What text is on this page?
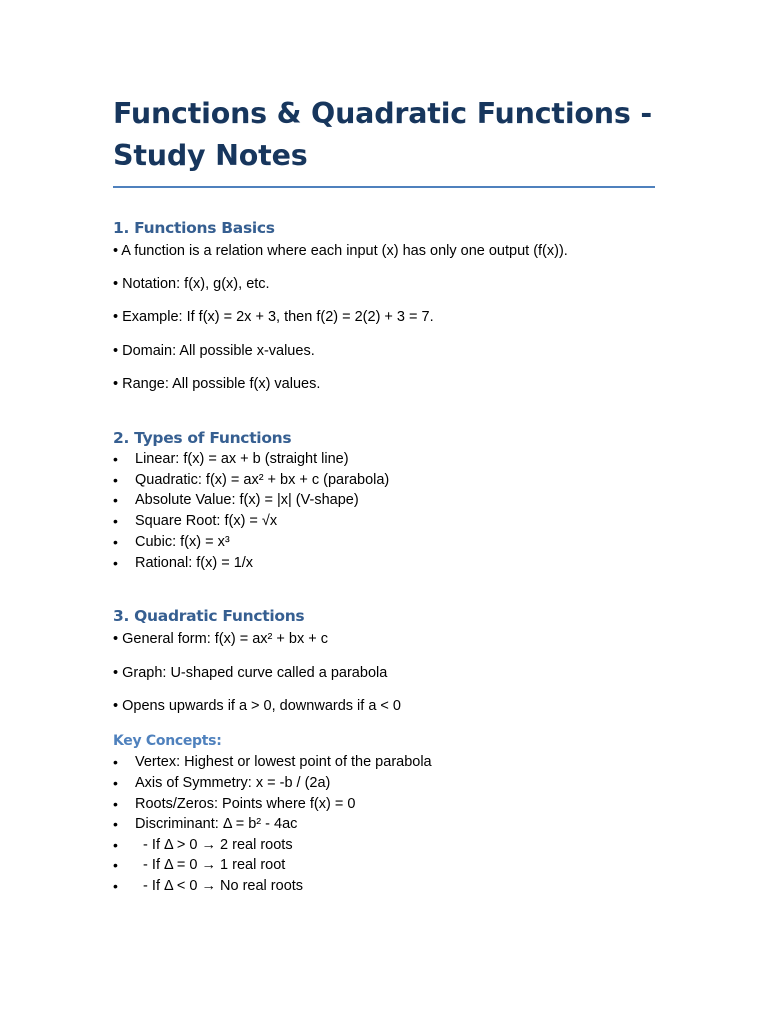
Functions & Quadratic Functions -
Study Notes
1. Functions Basics

• A function is a relation where each input (x) has only one output (f(x)).

• Notation: f(x), g(x), etc.

• Example: If f(x) = 2x + 3, then f(2) = 2(2) + 3 = 7.

• Domain: All possible x-values.

• Range: All possible f(x) values.

2. Types of Functions
• Linear: f(x) = ax + b (straight line)
• Quadratic: f(x) = ax² + bx + c (parabola)
• Absolute Value: f(x) = |x| (V-shape)
• Square Root: f(x) = √x
• Cubic: f(x) = x³
• Rational: f(x) = 1/x
3. Quadratic Functions

• General form: f(x) = ax² + bx + c

• Graph: U-shaped curve called a parabola

• Opens upwards if a > 0, downwards if a < 0

Key Concepts:
• Vertex: Highest or lowest point of the parabola
• Axis of Symmetry: x = -b / (2a)
• Roots/Zeros: Points where f(x) = 0
• Discriminant: Δ = b² - 4ac
• - If Δ > 0 → 2 real roots
• - If Δ = 0 → 1 real root
• - If Δ < 0 → No real roots
